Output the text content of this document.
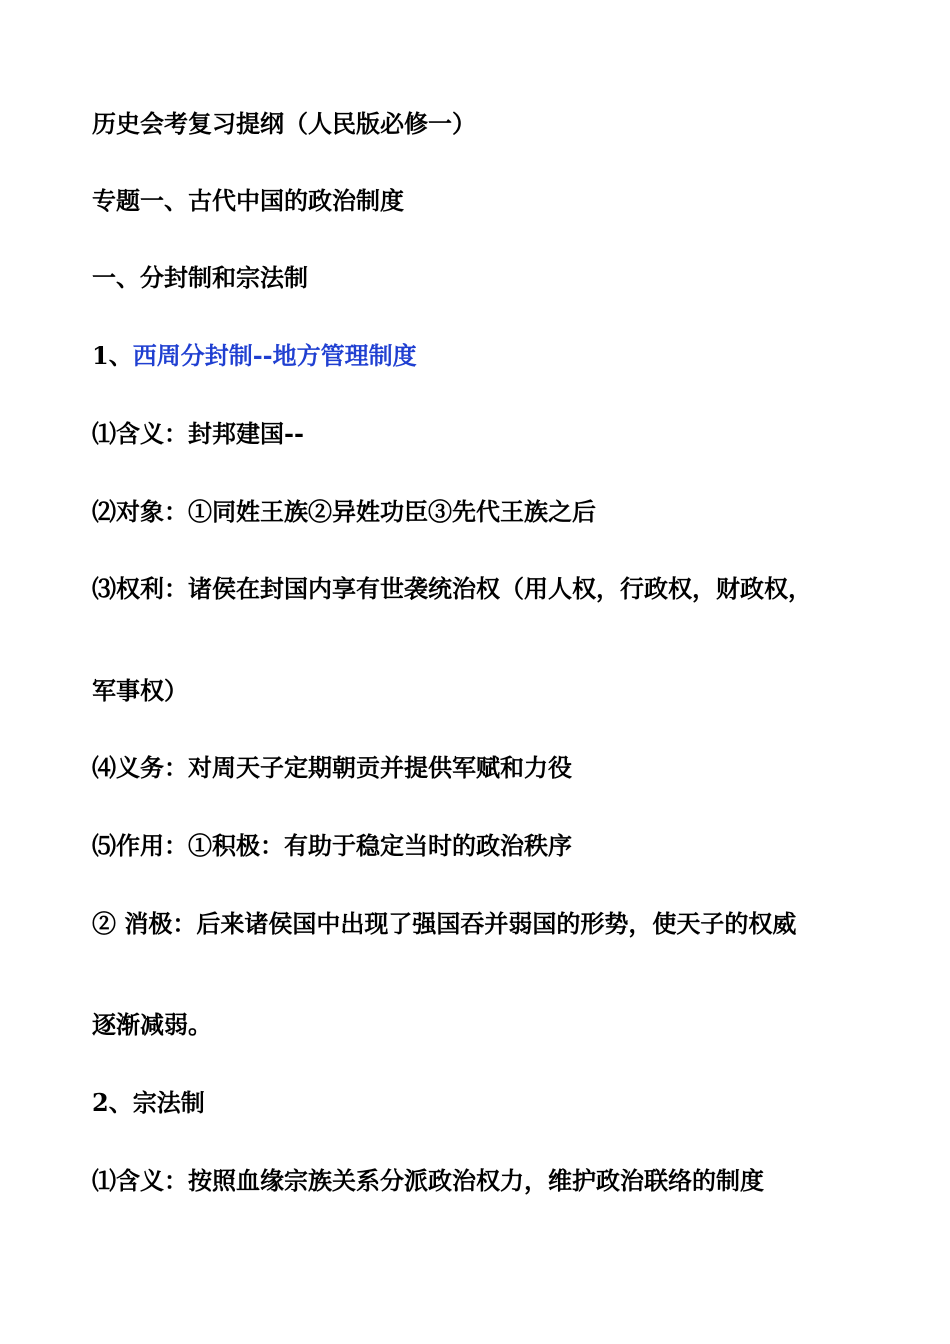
历史会考复习提纲（人民版必修一）
专题一、古代中国的政治制度
一、分封制和宗法制
1、西周分封制--地方管理制度
⑴含义：封邦建国--
⑵对象：①同姓王族②异姓功臣③先代王族之后
⑶权利：诸侯在封国内享有世袭统治权（用人权，行政权，财政权，
军事权）
⑷义务：对周天子定期朝贡并提供军赋和力役
⑸作用：①积极：有助于稳定当时的政治秩序
② 消极：后来诸侯国中出现了强国吞并弱国的形势，使天子的权威
逐渐减弱。
2、宗法制
⑴含义：按照血缘宗族关系分派政治权力，维护政治联络的制度
